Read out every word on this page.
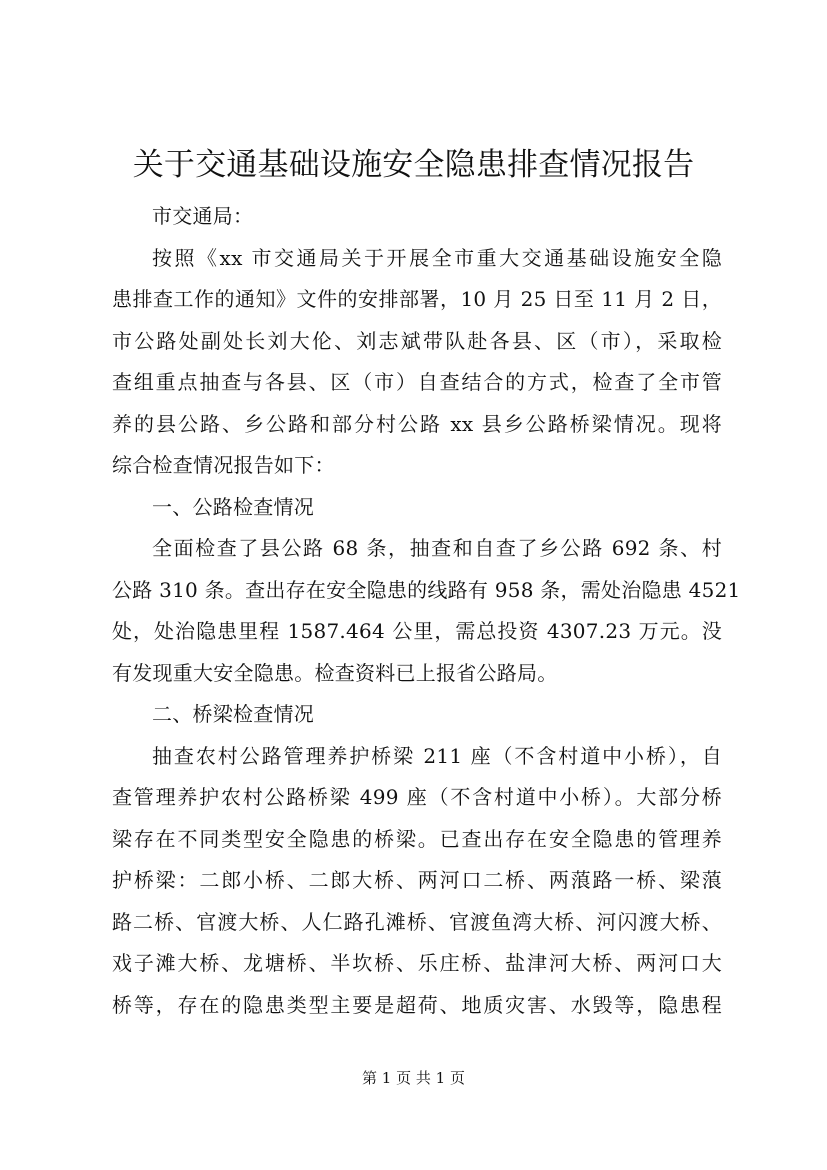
关于交通基础设施安全隐患排查情况报告
市交通局：
按照《xx 市交通局关于开展全市重大交通基础设施安全隐
患排查工作的通知》文件的安排部署，10 月 25 日至 11 月 2 日，
市公路处副处长刘大伦、刘志斌带队赴各县、区（市），采取检
查组重点抽查与各县、区（市）自查结合的方式，检查了全市管
养的县公路、乡公路和部分村公路 xx 县乡公路桥梁情况。现将
综合检查情况报告如下：
一、公路检查情况
全面检查了县公路 68 条，抽查和自查了乡公路 692 条、村
公路 310 条。查出存在安全隐患的线路有 958 条，需处治隐患 4521
处，处治隐患里程 1587.464 公里，需总投资 4307.23 万元。没
有发现重大安全隐患。检查资料已上报省公路局。
二、桥梁检查情况
抽查农村公路管理养护桥梁 211 座（不含村道中小桥），自
查管理养护农村公路桥梁 499 座（不含村道中小桥）。大部分桥
梁存在不同类型安全隐患的桥梁。已查出存在安全隐患的管理养
护桥梁：二郎小桥、二郎大桥、两河口二桥、两蒗路一桥、梁蒗
路二桥、官渡大桥、人仁路孔滩桥、官渡鱼湾大桥、河闪渡大桥、
戏子滩大桥、龙塘桥、半坎桥、乐庄桥、盐津河大桥、两河口大
桥等，存在的隐患类型主要是超荷、地质灾害、水毁等，隐患程
第 1 页 共 1 页
